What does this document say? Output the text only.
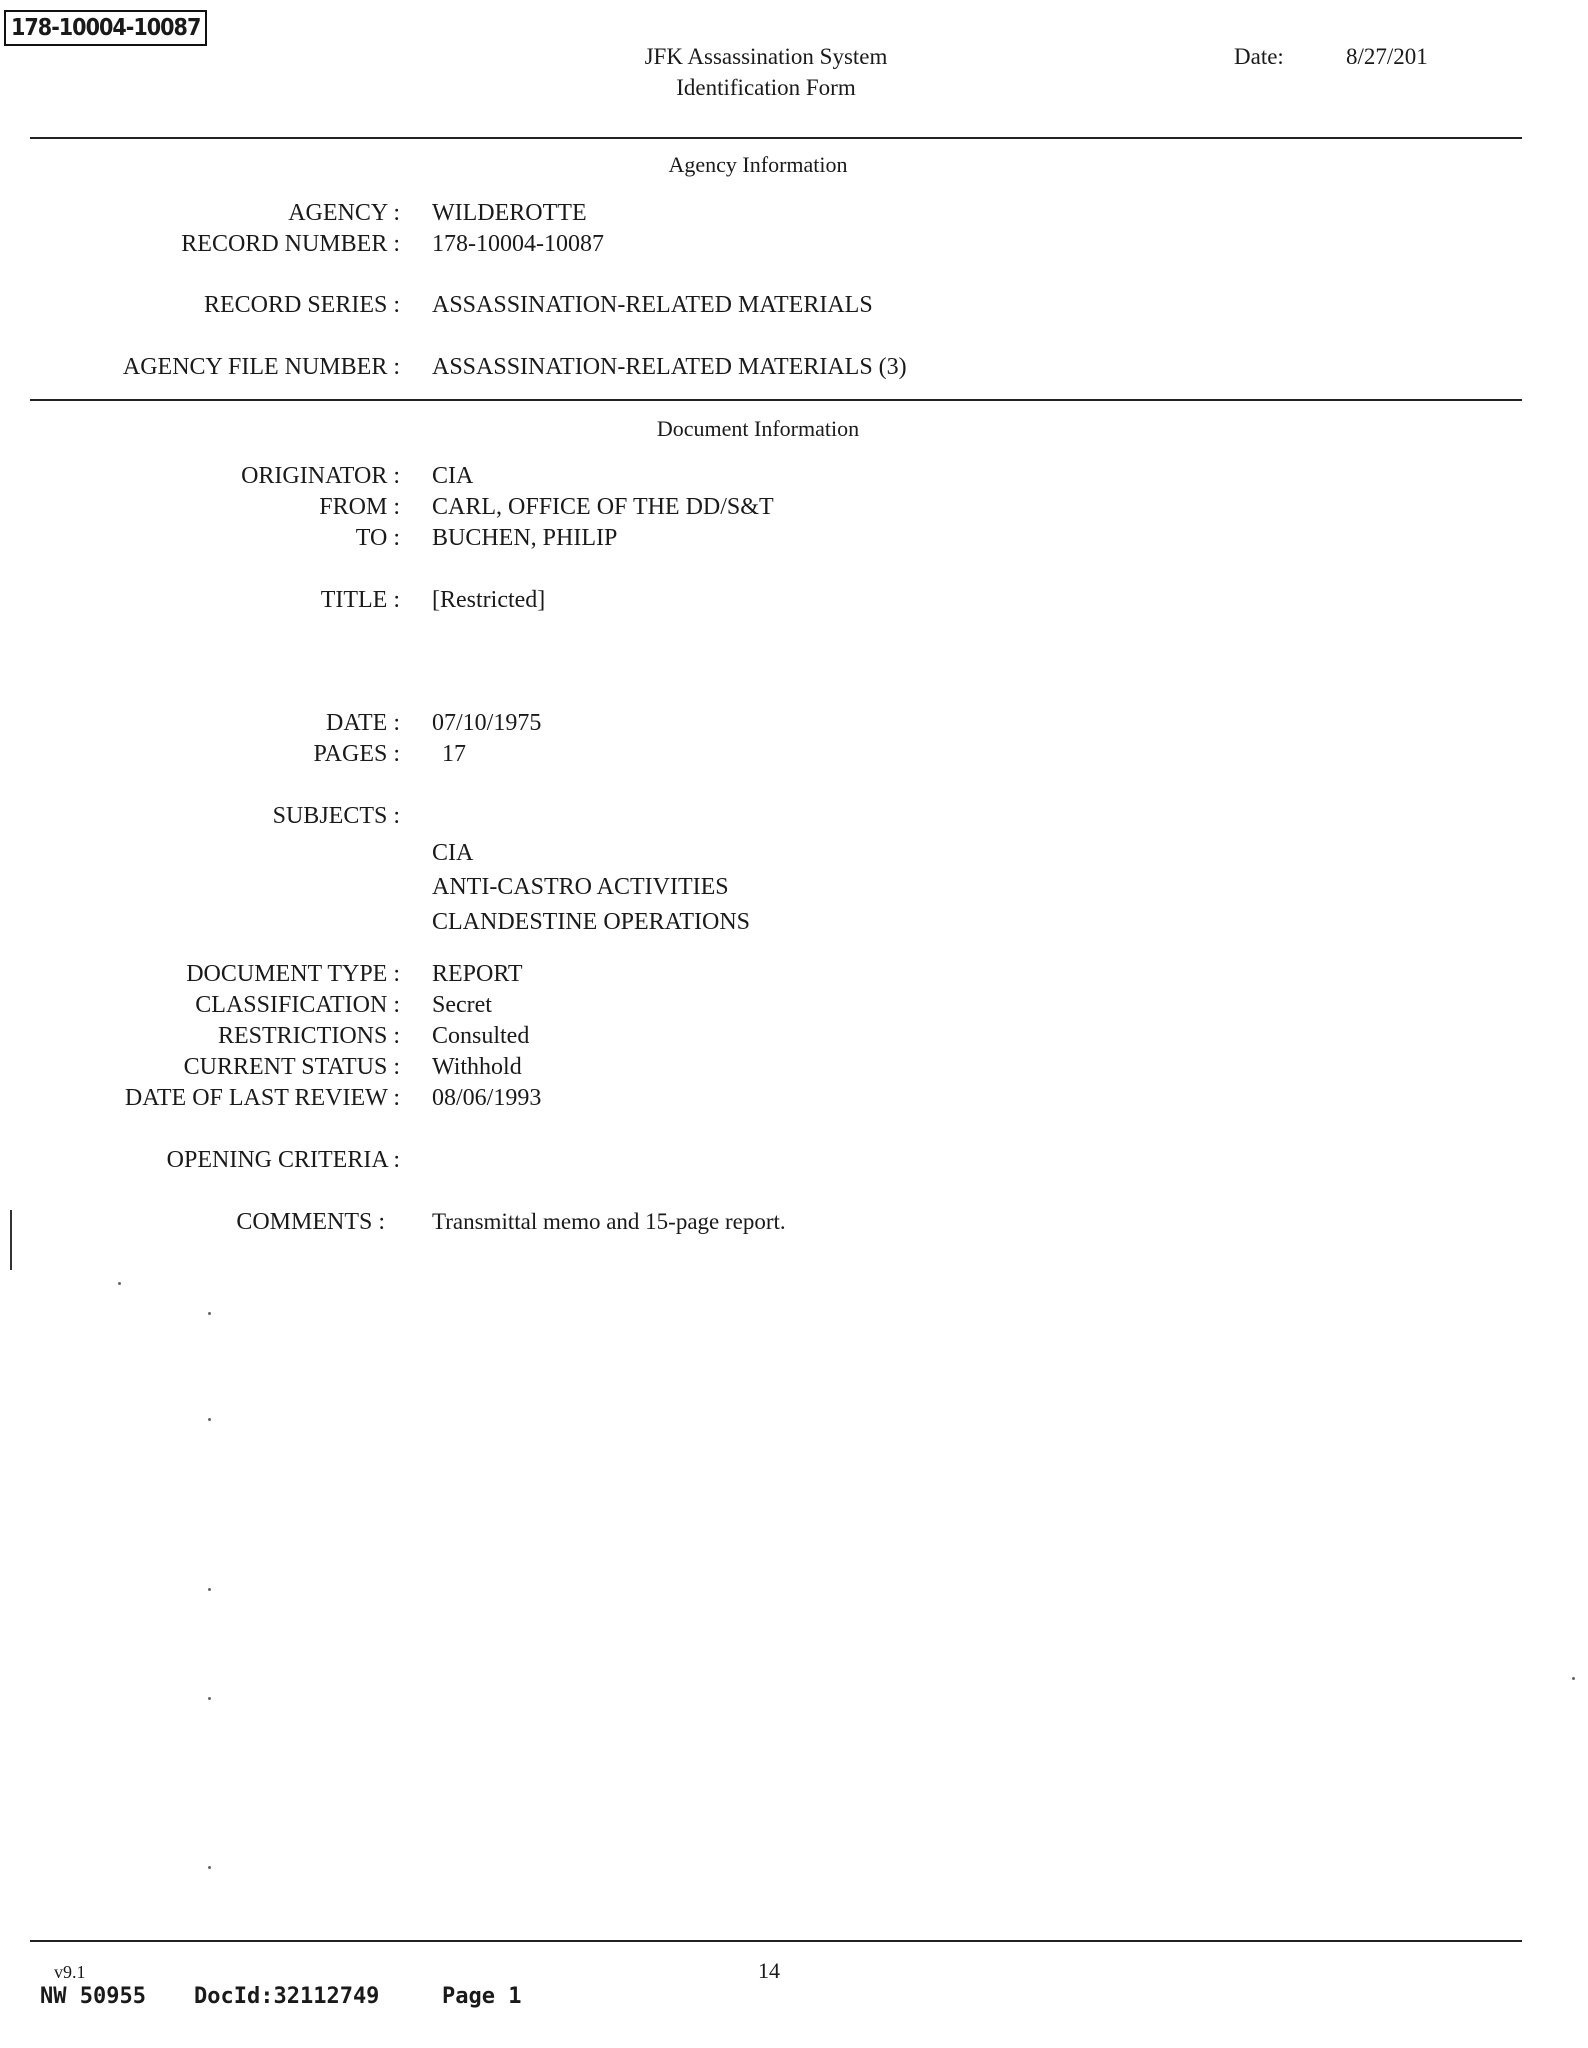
178-10004-10087
JFK Assassination System
Identification Form
Date:	8/27/201
Agency Information
AGENCY : WILDEROTTE
RECORD NUMBER : 178-10004-10087
RECORD SERIES : ASSASSINATION-RELATED MATERIALS
AGENCY FILE NUMBER : ASSASSINATION-RELATED MATERIALS (3)
Document Information
ORIGINATOR : CIA
FROM : CARL, OFFICE OF THE DD/S&T
TO : BUCHEN, PHILIP
TITLE : [Restricted]
DATE : 07/10/1975
PAGES : 17
SUBJECTS :
CIA
ANTI-CASTRO ACTIVITIES
CLANDESTINE OPERATIONS
DOCUMENT TYPE : REPORT
CLASSIFICATION : Secret
RESTRICTIONS : Consulted
CURRENT STATUS : Withhold
DATE OF LAST REVIEW : 08/06/1993
OPENING CRITERIA :
COMMENTS : Transmittal memo and 15-page report.
v9.1	14
NW 50955 DocId:32112749	Page 1
